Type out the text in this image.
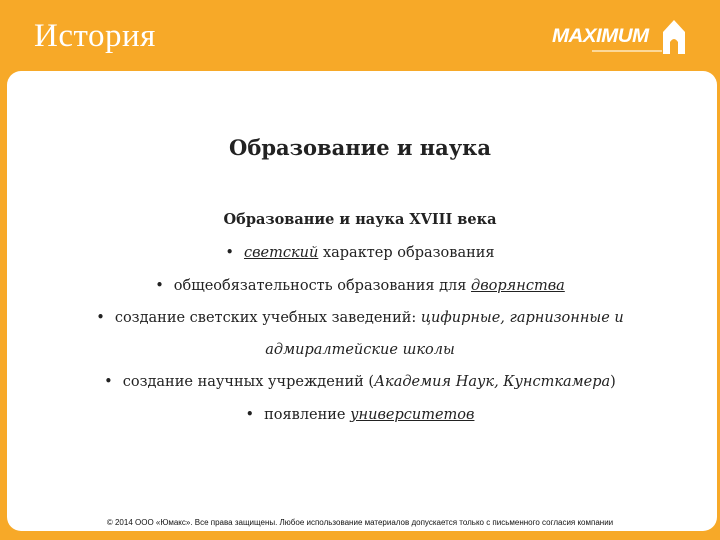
История	MAXIMUM
Образование и наука
Образование и наука XVIII века
• светский характер образования
• общеобязательность образования для дворянства
• создание светских учебных заведений: цифирные, гарнизонные и
адмиралтейские школы
• создание научных учреждений (Академия Наук, Кунсткамера)
• появление университетов
© 2014 ООО «Юмакс». Все права защищены. Любое использование материалов допускается только с письменного согласия компании
